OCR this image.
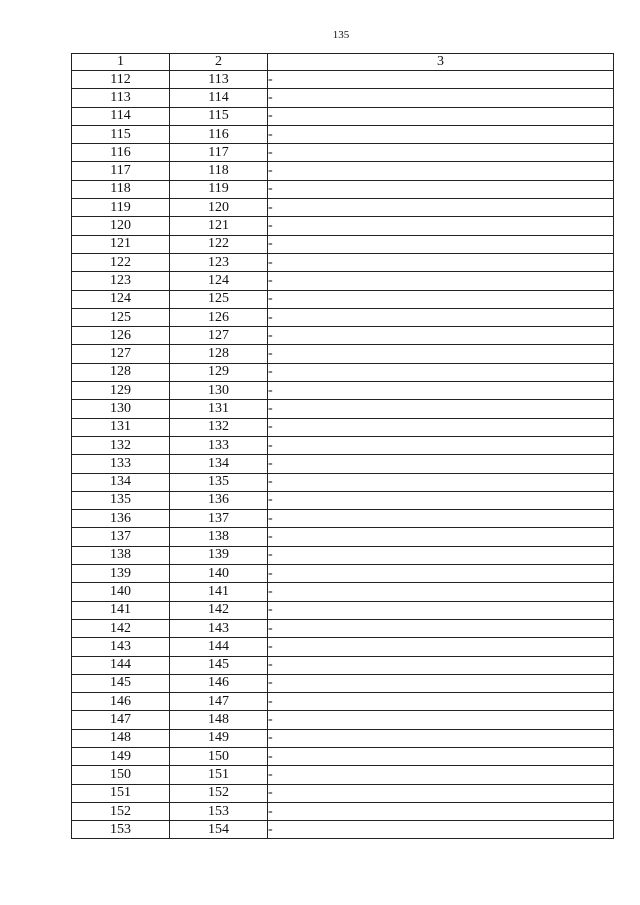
135
1	2	3
112	113	-
113	114	-
114	115	-
115	116	-
116	117	-
117	118	-
118	119	-
119	120	-
120	121	-
121	122	-
122	123	-
123	124	-
124	125	-
125	126	-
126	127	-
127	128	-
128	129	-
129	130	-
130	131	-
131	132	-
132	133	-
133	134	-
134	135	-
135	136	-
136	137	-
137	138	-
138	139	-
139	140	-
140	141	-
141	142	-
142	143	-
143	144	-
144	145	-
145	146	-
146	147	-
147	148	-
148	149	-
149	150	-
150	151	-
151	152	-
152	153	-
153	154	-
